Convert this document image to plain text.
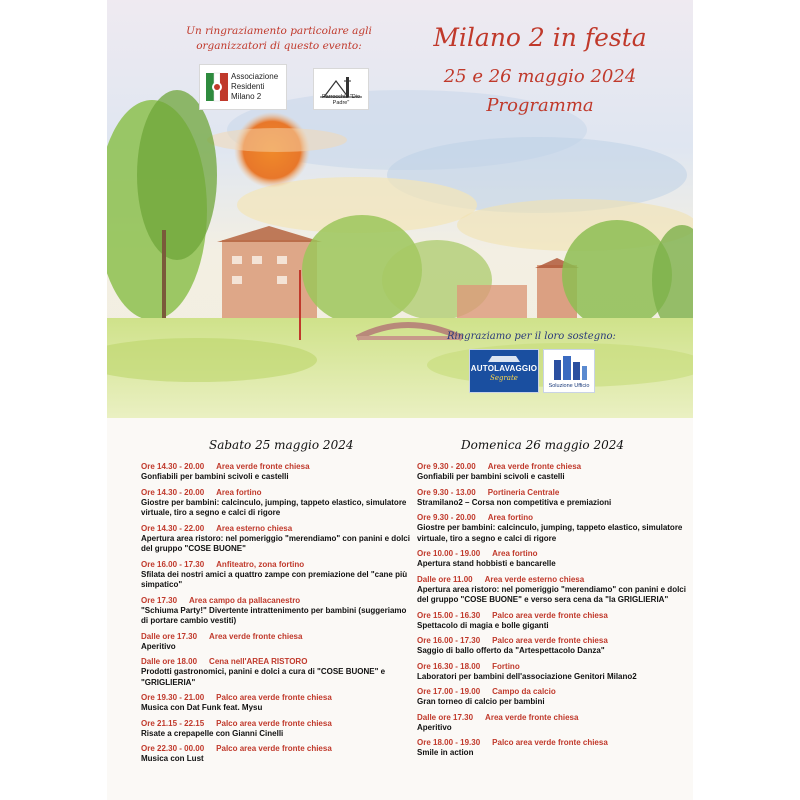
Un ringraziamento particolare agli
organizzatori di questo evento:
Associazione
Residenti
Milano 2	Parrocchia "Dio Padre"
Milano 2 in festa
25 e 26 maggio 2024
Programma
Ringraziamo per il loro sostegno:
AUTOLAVAGGIO
Segrate
Soluzione Ufficio
Sabato 25 maggio 2024
Ore 14.30 - 20.00 Area verde fronte chiesa
Gonfiabili per bambini scivoli e castelli
Ore 14.30 - 20.00 Area fortino
Giostre per bambini: calcinculo, jumping, tappeto elastico, simulatore virtuale, tiro a segno e calci di rigore
Ore 14.30 - 22.00 Area esterno chiesa
Apertura area ristoro: nel pomeriggio "merendiamo" con panini e dolci del gruppo "COSE BUONE"
Ore 16.00 - 17.30 Anfiteatro, zona fortino
Sfilata dei nostri amici a quattro zampe con premiazione del "cane più simpatico"
Ore 17.30 Area campo da pallacanestro
"Schiuma Party!" Divertente intrattenimento per bambini (suggeriamo di portare cambio vestiti)
Dalle ore 17.30 Area verde fronte chiesa
Aperitivo
Dalle ore 18.00 Cena nell'AREA RISTORO
Prodotti gastronomici, panini e dolci a cura di "COSE BUONE" e "GRIGLIERIA"
Ore 19.30 - 21.00 Palco area verde fronte chiesa
Musica con Dat Funk feat. Mysu
Ore 21.15 - 22.15 Palco area verde fronte chiesa
Risate a crepapelle con Gianni Cinelli
Ore 22.30 - 00.00 Palco area verde fronte chiesa
Musica con Lust
Domenica 26 maggio 2024
Ore 9.30 - 20.00 Area verde fronte chiesa
Gonfiabili per bambini scivoli e castelli
Ore 9.30 - 13.00 Portineria Centrale
Stramilano2 – Corsa non competitiva e premiazioni
Ore 9.30 - 20.00 Area fortino
Giostre per bambini: calcinculo, jumping, tappeto elastico, simulatore virtuale, tiro a segno e calci di rigore
Ore 10.00 - 19.00 Area fortino
Apertura stand hobbisti e bancarelle
Dalle ore 11.00 Area verde esterno chiesa
Apertura area ristoro: nel pomeriggio "merendiamo" con panini e dolci del gruppo "COSE BUONE" e verso sera cena da "la GRIGLIERIA"
Ore 15.00 - 16.30 Palco area verde fronte chiesa
Spettacolo di magia e bolle giganti
Ore 16.00 - 17.30 Palco area verde fronte chiesa
Saggio di ballo offerto da "Artespettacolo Danza"
Ore 16.30 - 18.00 Fortino
Laboratori per bambini dell'associazione Genitori Milano2
Ore 17.00 - 19.00 Campo da calcio
Gran torneo di calcio per bambini
Dalle ore 17.30 Area verde fronte chiesa
Aperitivo
Ore 18.00 - 19.30 Palco area verde fronte chiesa
Smile in action
